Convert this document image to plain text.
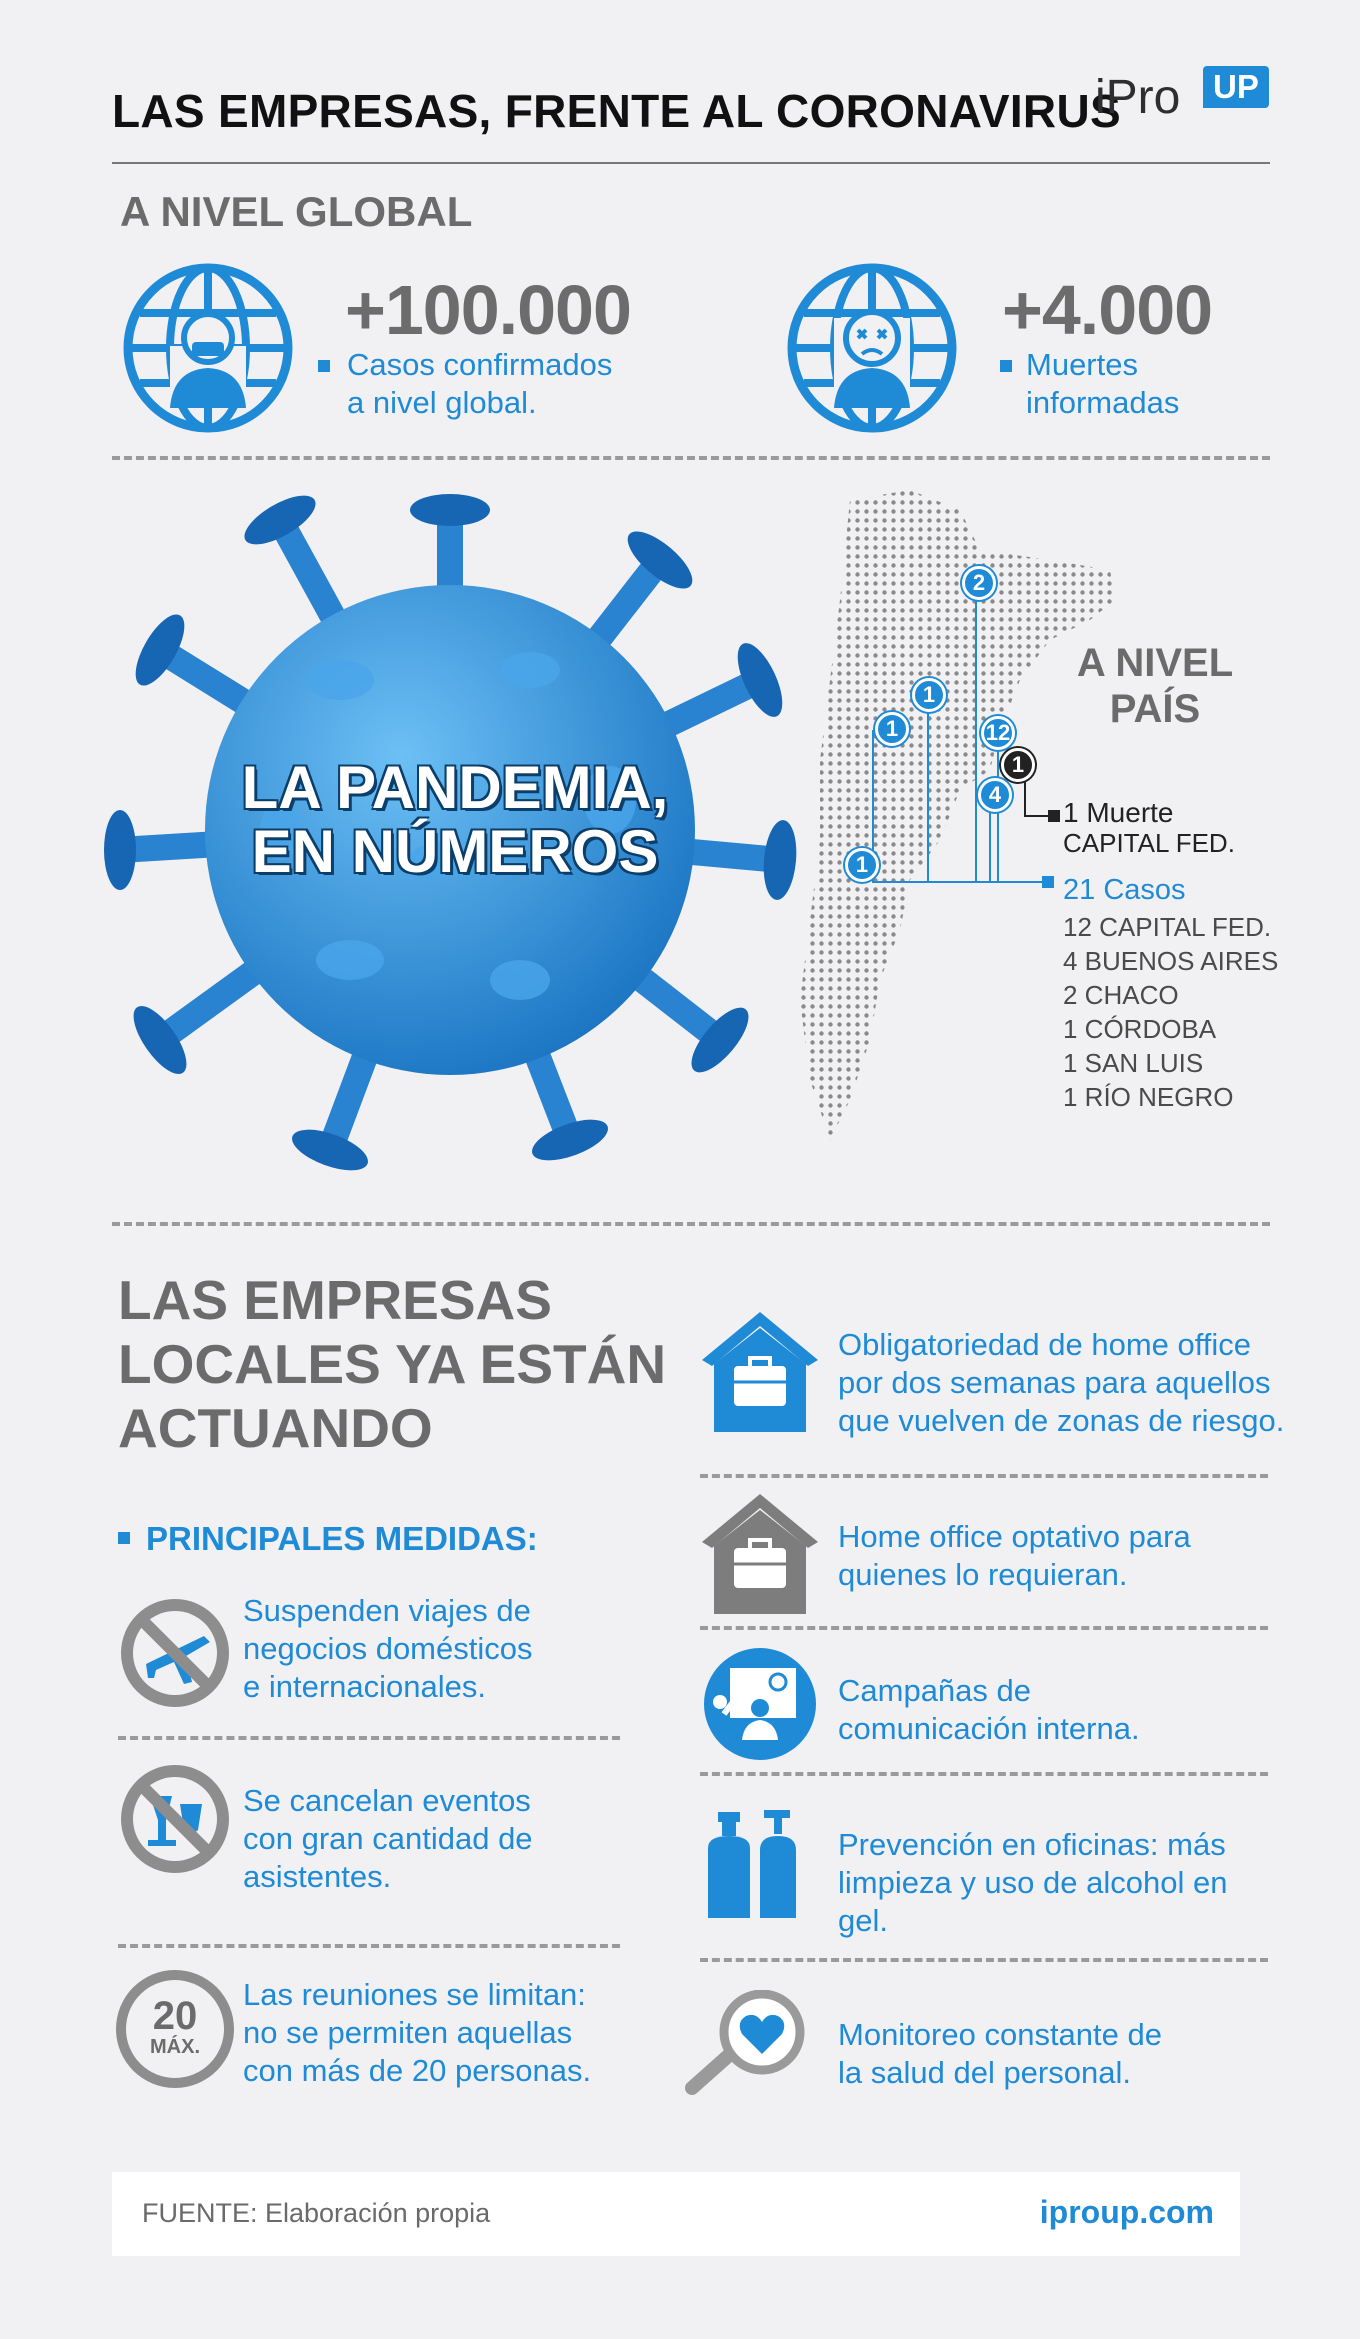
LAS EMPRESAS, FRENTE AL CORONAVIRUS
iPro UP
A NIVEL GLOBAL
+100.000
Casos confirmados
a nivel global.
+4.000
Muertes
informadas
LA PANDEMIA,
EN NÚMEROS
2
1
1	12
4
1
1
A NIVEL
PAÍS
1 Muerte
CAPITAL FED.
21 Casos
12 CAPITAL FED.
4 BUENOS AIRES
2 CHACO
1 CÓRDOBA
1 SAN LUIS
1 RÍO NEGRO
LAS EMPRESAS
LOCALES YA ESTÁN
ACTUANDO
PRINCIPALES MEDIDAS:
Suspenden viajes de
negocios domésticos
e internacionales.
Se cancelan eventos
con gran cantidad de
asistentes.
20
MÁX.
Las reuniones se limitan:
no se permiten aquellas
con más de 20 personas.
Obligatoriedad de home office
por dos semanas para aquellos
que vuelven de zonas de riesgo.
Home office optativo para
quienes lo requieran.
Campañas de
comunicación interna.
Prevención en oficinas: más
limpieza y uso de alcohol en
gel.
Monitoreo constante de
la salud del personal.
FUENTE: Elaboración propia	iproup.com
